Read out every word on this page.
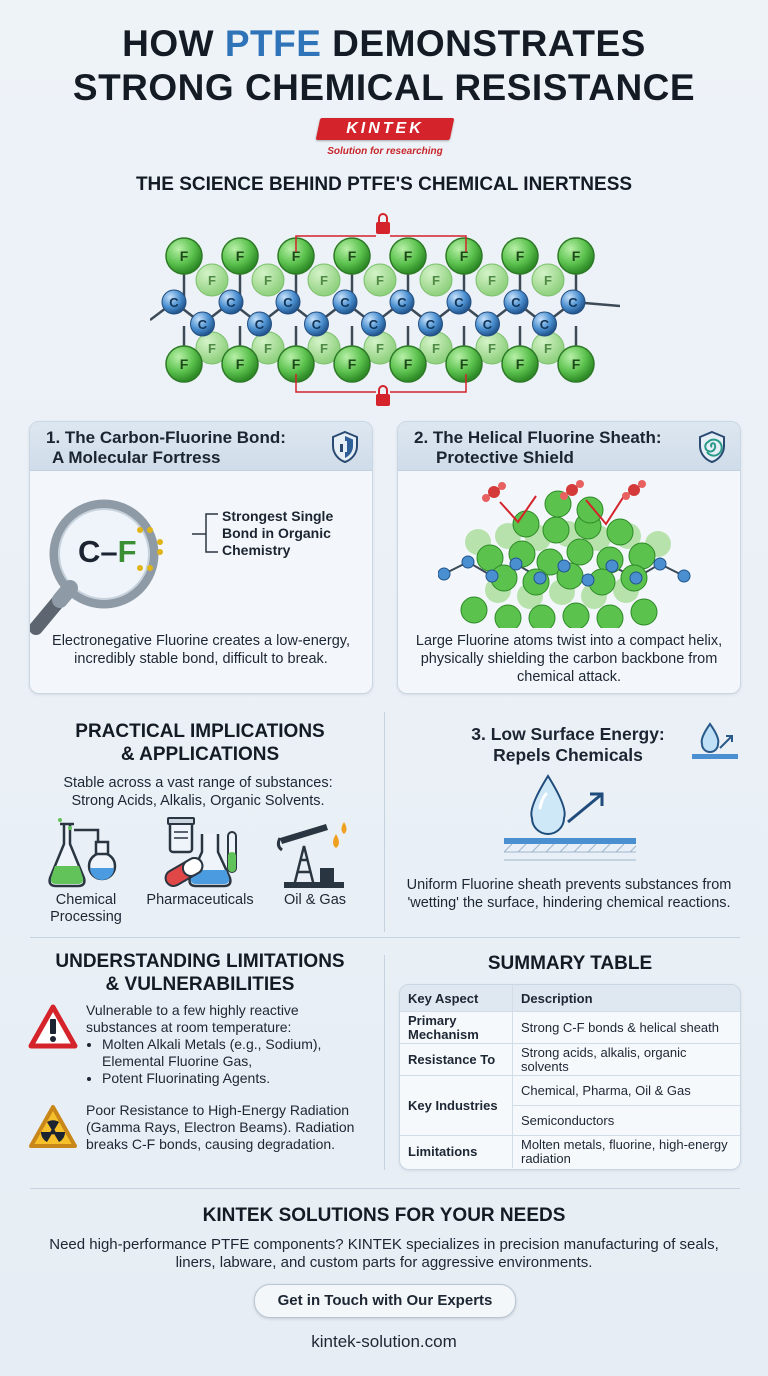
HOW PTFE DEMONSTRATES
STRONG CHEMICAL RESISTANCE
KINTEK
Solution for researching
THE SCIENCE BEHIND PTFE'S CHEMICAL INERTNESS
F
F
F
F
F
F
F
F
F
F
F
F
F
F
C
C
C
C
C
C
C
C
C
C
C
C
C
C
C
F
F
F
F
F
F
F
F
F
F
F
F
F
F
F
F
1. The Carbon-Fluorine Bond:
A Molecular Fortress
C–F
Strongest Single Bond in Organic Chemistry
Electronegative Fluorine creates a low-energy, incredibly stable bond, difficult to break.
2. The Helical Fluorine Sheath:
Protective Shield
Large Fluorine atoms twist into a compact helix, physically shielding the carbon backbone from chemical attack.
PRACTICAL IMPLICATIONS
& APPLICATIONS
Stable across a vast range of substances: Strong Acids, Alkalis, Organic Solvents.
Chemical Processing
Pharmaceuticals	Oil & Gas
3. Low Surface Energy:
Repels Chemicals
Uniform Fluorine sheath prevents substances from 'wetting' the surface, hindering chemical reactions.
UNDERSTANDING LIMITATIONS
& VULNERABILITIES
Vulnerable to a few highly reactive substances at room temperature:
• Molten Alkali Metals (e.g., Sodium), Elemental Fluorine Gas,
• Potent Fluorinating Agents.
Poor Resistance to High-Energy Radiation (Gamma Rays, Electron Beams). Radiation breaks C-F bonds, causing degradation.
SUMMARY TABLE
Key Aspect	Description
Primary Mechanism	Strong C-F bonds & helical sheath
Resistance To	Strong acids, alkalis, organic solvents
Key Industries	Chemical, Pharma, Oil & Gas
	Semiconductors
Limitations	Molten metals, fluorine, high-energy radiation
KINTEK SOLUTIONS FOR YOUR NEEDS
Need high-performance PTFE components? KINTEK specializes in precision manufacturing of seals, liners, labware, and custom parts for aggressive environments.
Get in Touch with Our Experts
kintek-solution.com
